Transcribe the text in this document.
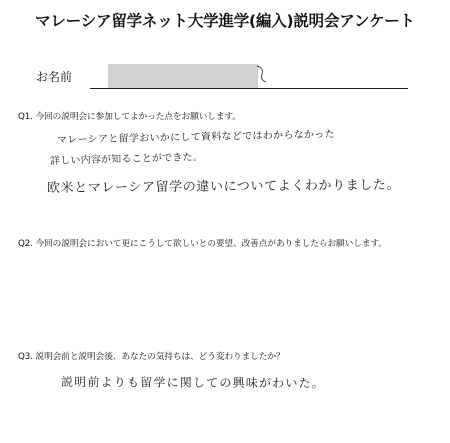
マレーシア留学ネット大学進学(編入)説明会アンケート
お名前
Q1. 今回の説明会に参加してよかった点をお願いします。
マレーシアと留学おいかにして資料などではわからなかった
詳しい内容が知ることができた。
欧米とマレーシア留学の違いについてよくわかりました。
Q2. 今回の説明会において更にこうして欲しいとの要望、改善点がありましたらお願いします。
Q3. 説明会前と説明会後、あなたの気持ちは、どう変わりましたか？
説明前よりも留学に関しての興味がわいた。
